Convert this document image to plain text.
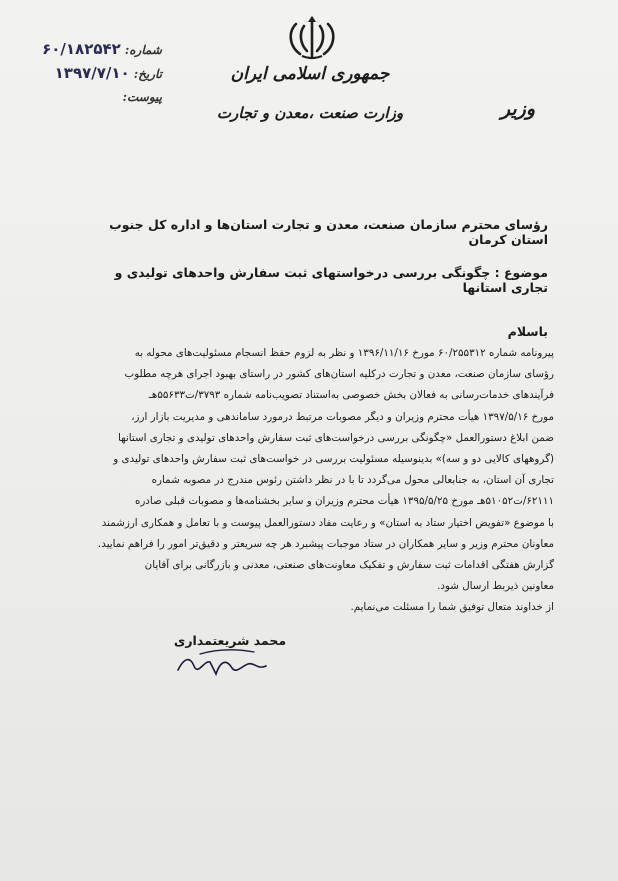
جمهوری اسلامی ایران
وزارت صنعت ،معدن و تجارت	وزیر
شماره:
۶۰/۱۸۲۵۴۲
تاریخ:
۱۳۹۷/۷/۱۰
پیوست:
رؤسای محترم سازمان صنعت، معدن و تجارت استان‌ها و اداره کل جنوب استان کرمان
موضوع : چگونگی بررسی درخواستهای ثبت سفارش واحدهای تولیدی و تجاری استانها
باسلام
پیرونامه شماره ۶۰/۲۵۵۳۱۲ مورخ ۱۳۹۶/۱۱/۱۶ و نظر به لزوم حفظ انسجام مسئولیت‌های محوله به
رؤسای سازمان صنعت، معدن و تجارت درکلیه استان‌های کشور در راستای بهبود اجرای هرچه مطلوب
فرآیندهای خدمات‌رسانی به فعالان بخش خصوصی به‌استناد تصویب‌نامه شماره ۳۷۹۳/ت۵۵۶۳۳هـ
مورخ ۱۳۹۷/۵/۱۶ هیأت محترم وزیران و دیگر مصوبات مرتبط درمورد ساماندهی و مدیریت بازار ارز،
ضمن ابلاغ دستورالعمل «چگونگی بررسی درخواست‌های ثبت سفارش واحدهای تولیدی و تجاری استانها
(گروههای کالایی دو و سه)» بدینوسیله مسئولیت بررسی در خواست‌های ثبت سفارش واحدهای تولیدی و
تجاری آن استان، به جنابعالی محول می‌گردد تا با در نظر داشتن رئوس مندرج در مصوبه شماره
۶۲۱۱۱/ت۵۱۰۵۲هـ مورخ ۱۳۹۵/۵/۲۵ هیأت محترم وزیران و سایر بخشنامه‌ها و مصوبات قبلی صادره
با موضوع «تفویض اختیار ستاد به استان» و رعایت مفاد دستورالعمل پیوست و با تعامل و همکاری ارزشمند
معاونان محترم وزیر و سایر همکاران در ستاد موجبات پیشبرد هر چه سریعتر و دقیق‌تر امور را فراهم نمایید.
گزارش هفتگی اقدامات ثبت سفارش و تفکیک معاونت‌های صنعتی، معدنی و بازرگانی برای آقایان
معاونین ذیربط ارسال شود.
از خداوند متعال توفیق شما را مسئلت می‌نمایم.
محمد شریعتمداری
